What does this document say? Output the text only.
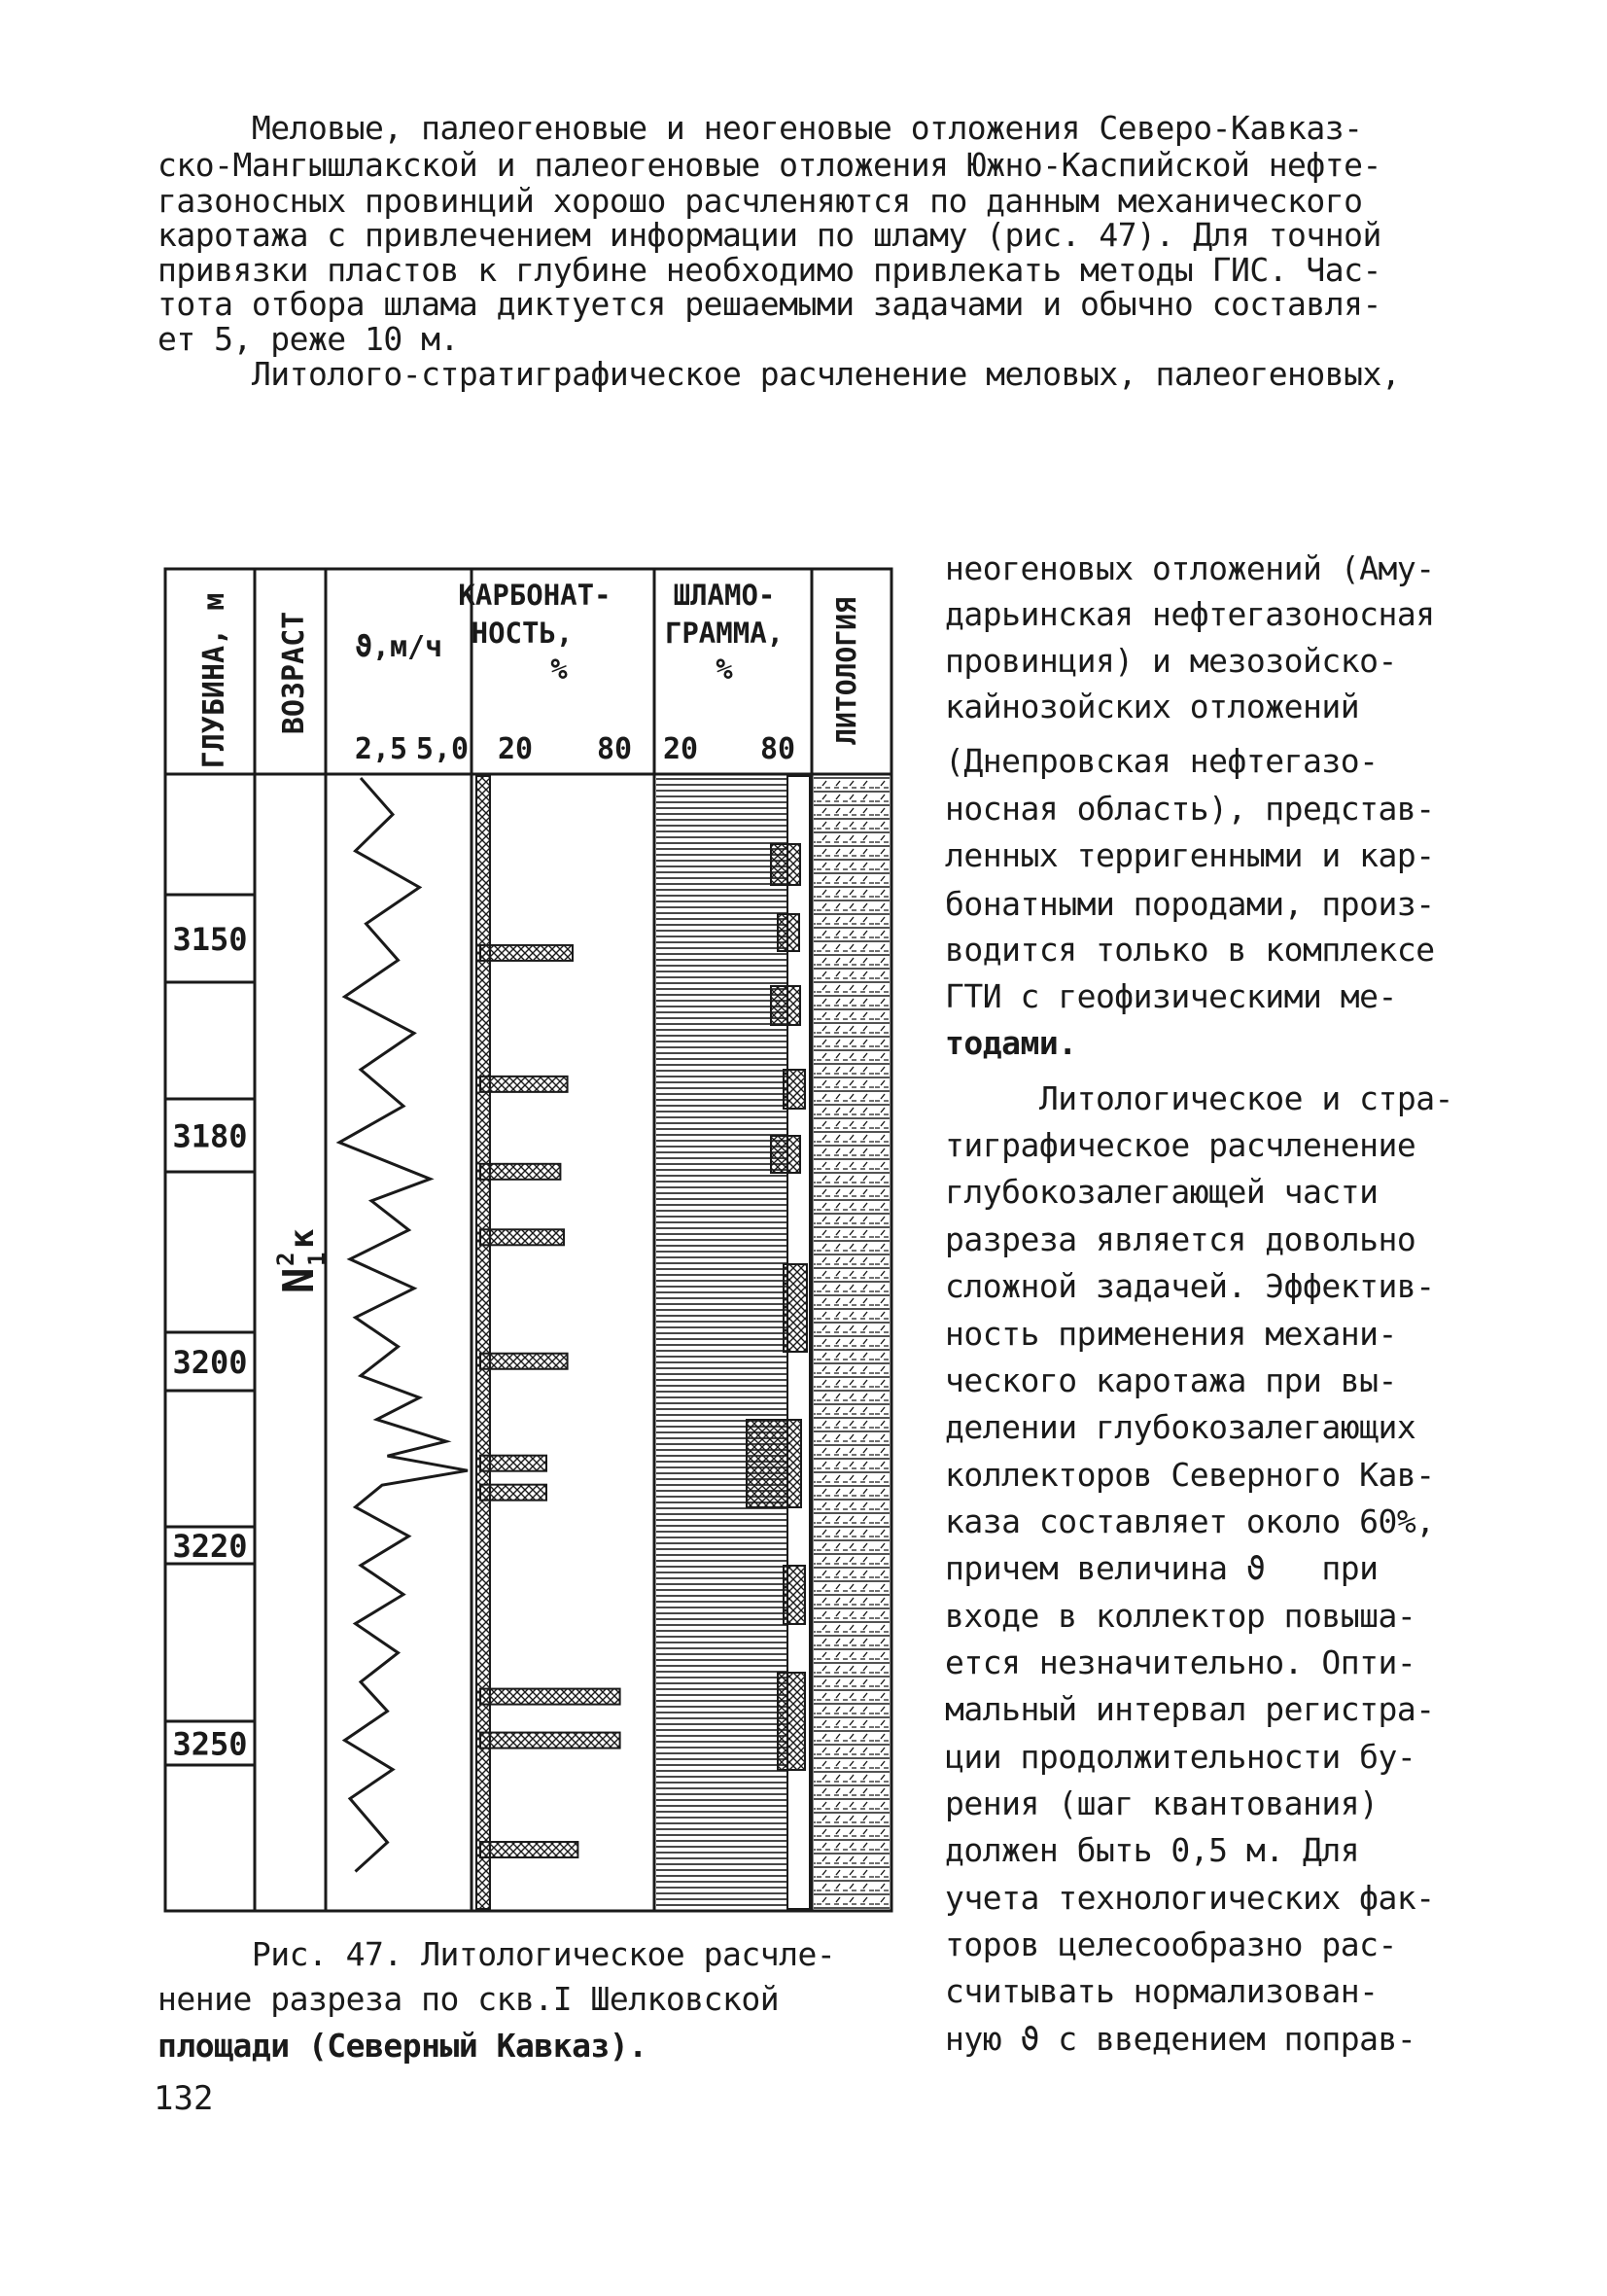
Меловые, палеогеновые и неогеновые отложения Северо-Кавказ-
ско-Мангышлакской и палеогеновые отложения Южно-Каспийской нефте-
газоносных провинций хорошо расчленяются по данным механического
каротажа с привлечением информации по шламу (рис. 47). Для точной
привязки пластов к глубине необходимо привлекать методы ГИС. Час-
тота отбора шлама диктуется решаемыми задачами и обычно составля-
ет 5, реже 10 м.
Литолого-стратиграфическое расчленение меловых, палеогеновых,
ГЛУБИНА, м ВОЗРАСТ ϑ,м/ч
2,5 5,0
КАРБОНАТ-
НОСТЬ,
%
20 80
ШЛАМО-
ГРАММА,
%
20 80
ЛИТОЛОГИЯ
3150
3180
3200
3220
3250
N
2 1
к
Рис. 47. Литологическое расчле-
нение разреза по скв.I Шелковской
площади (Северный Кавказ).
неогеновых отложений (Аму-
дарьинская нефтегазоносная
провинция) и мезозойско-
кайнозойских отложений
(Днепровская нефтегазо-
носная область), представ-
ленных терригенными и кар-
бонатными породами, произ-
водится только в комплексе
ГТИ с геофизическими ме-
тодами.
Литологическое и стра-
тиграфическое расчленение
глубокозалегающей части
разреза является довольно
сложной задачей. Эффектив-
ность применения механи-
ческого каротажа при вы-
делении глубокозалегающих
коллекторов Северного Кав-
каза составляет около 60%,
причем величина ϑ   при
входе в коллектор повыша-
ется незначительно. Опти-
мальный интервал регистра-
ции продолжительности бу-
рения (шаг квантования)
должен быть 0,5 м. Для
учета технологических фак-
торов целесообразно рас-
считывать нормализован-
ную ϑ с введением поправ-
132
